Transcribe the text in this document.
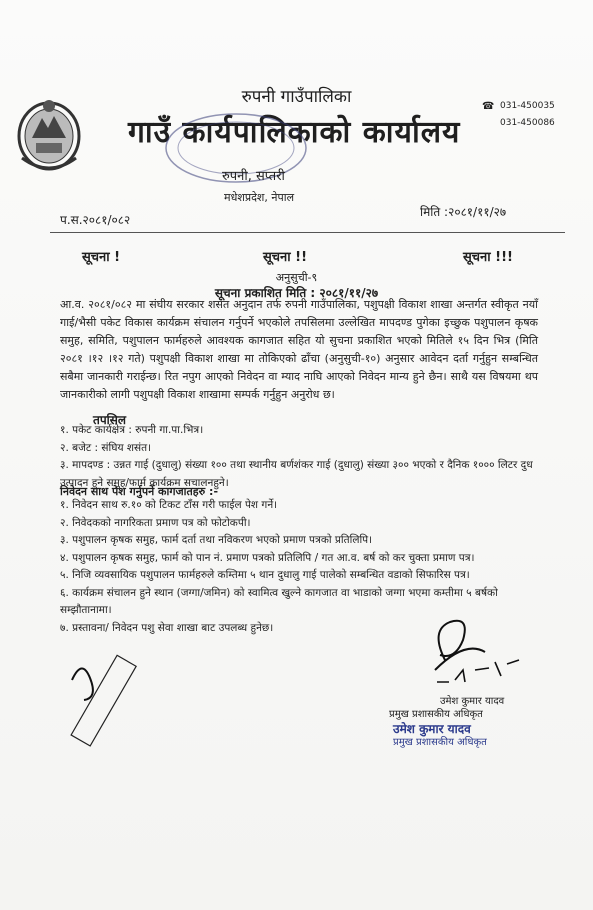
रुपनी गाउँपालिका
गाउँ कार्यपालिकाको कार्यालय
☎ 031-450035
031-450086
रुपनी, सप्तरी
मधेशप्रदेश, नेपाल
प.स.२०८१/०८२
मिति :२०८१/११/२७
सूचना !	सूचना !!	सूचना !!!
अनुसुची-९
सूचना प्रकाशित मिति : २०८१/११/२७
आ.व. २०८१/०८२ मा संघीय सरकार शसंत अनुदान तर्फ रुपनी गाउँपालिका, पशुपक्षी विकाश शाखा अन्तर्गत स्वीकृत नयाँ गाई/भैसी पकेट विकास कार्यक्रम संचालन गर्नुपर्ने भएकोले तपसिलमा उल्लेखित मापदण्ड पुगेका इच्छुक पशुपालन कृषक समुह, समिति, पशुपालन फार्महरुले आवश्यक कागजात सहित यो सुचना प्रकाशित भएको मितिले १५ दिन भित्र (मिति २०८१ ।१२ ।१२ गते) पशुपक्षी विकाश शाखा मा तोकिएको ढाँचा (अनुसुची-१०) अनुसार आवेदन दर्ता गर्नुहुन सम्बन्धित सबैमा जानकारी गराईन्छ। रित नपुग आएको निवेदन वा म्याद नाघि आएको निवेदन मान्य हुने छैन। साथै यस विषयमा थप जानकारीको लागी पशुपक्षी विकाश शाखामा सम्पर्क गर्नुहुन अनुरोध छ।
तपसिल
१. पकेट कार्यक्षेत्र : रुपनी गा.पा.भित्र।
२. बजेट : संघिय शसंत।
३. मापदण्ड : उन्नत गाई (दुधालु) संख्या १०० तथा स्थानीय बर्णशंकर गाई (दुधालु) संख्या ३०० भएको र दैनिक १००० लिटर दुध उत्पादन हुने समुह/फार्म कार्यक्रम सचालनहुने।
निवेदन साथ पेश गर्नुपर्ने कागजातहरु :-
१. निवेदन साथ रु.१० को टिकट टाँस गरी फाईल पेश गर्ने।
२. निवेदकको नागरिकता प्रमाण पत्र को फोटोकपी।
३. पशुपालन कृषक समुह, फार्म दर्ता तथा नविकरण भएको प्रमाण पत्रको प्रतिलिपि।
४. पशुपालन कृषक समुह, फार्म को पान नं. प्रमाण पत्रको प्रतिलिपि / गत आ.व. बर्ष को कर चुक्ता प्रमाण पत्र।
५. निजि व्यवसायिक पशुपालन फार्महरुले कम्तिमा ५ थान दुधालु गाई पालेको सम्बन्धित वडाको सिफारिस पत्र।
६. कार्यक्रम संचालन हुने स्थान (जग्गा/जमिन) को स्वामित्व खुल्ने कागजात वा भाडाको जग्गा भएमा कम्तीमा ५ बर्षको सम्झौतानामा।
७. प्रस्तावना/ निवेदन पशु सेवा शाखा बाट उपलब्ध हुनेछ।
उमेश कुमार यादव
प्रमुख प्रशासकीय अधिकृत
उमेश कुमार यादव
प्रमुख प्रशासकीय अधिकृत
